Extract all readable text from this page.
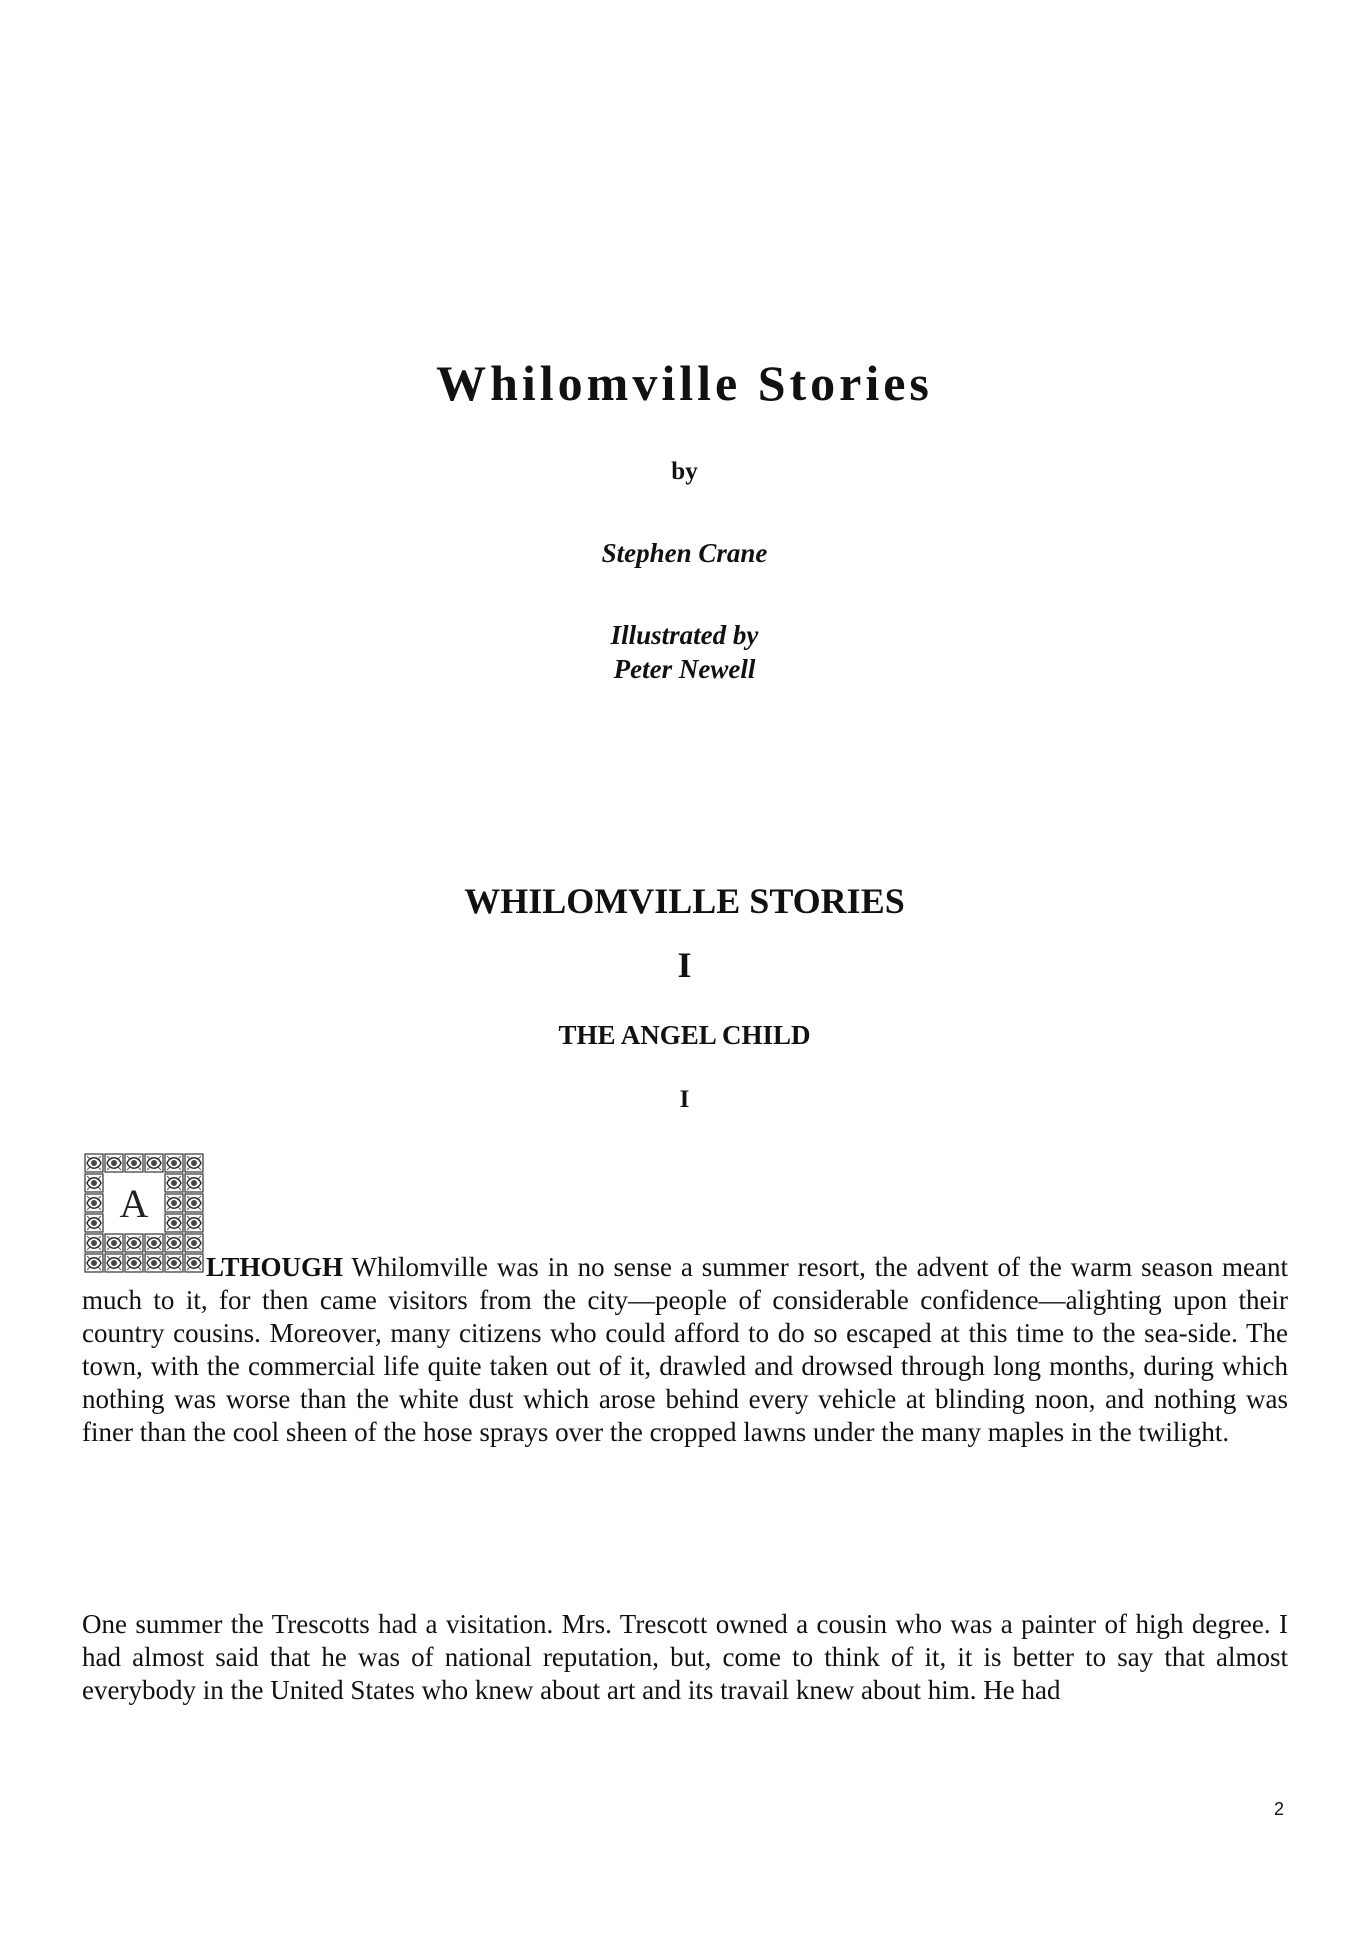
Whilomville Stories
by
Stephen Crane
Illustrated by
Peter Newell
WHILOMVILLE STORIES
I
THE ANGEL CHILD
I
A

LTHOUGH Whilomville was in no sense a summer resort, the advent of the warm season meant much to it, for then came visitors from the city—people of considerable confidence—alighting upon their country cousins. Moreover, many citizens who could afford to do so escaped at this time to the sea-side. The town, with the commercial life quite taken out of it, drawled and drowsed through long months, during which nothing was worse than the white dust which arose behind every vehicle at blinding noon, and nothing was finer than the cool sheen of the hose sprays over the cropped lawns under the many maples in the twilight.

One summer the Trescotts had a visitation. Mrs. Trescott owned a cousin who was a painter of high degree. I had almost said that he was of national reputation, but, come to think of it, it is better to say that almost everybody in the United States who knew about art and its travail knew about him. He had

2
